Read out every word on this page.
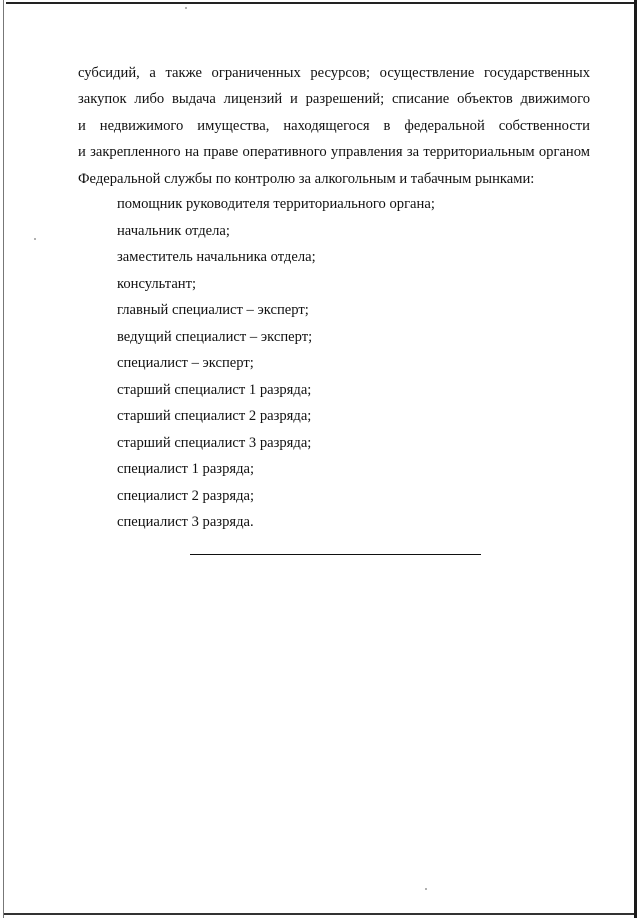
субсидий, а также ограниченных ресурсов; осуществление государственных
закупок либо выдача лицензий и разрешений; списание объектов движимого
и недвижимого имущества, находящегося в федеральной собственности
и закрепленного на праве оперативного управления за территориальным органом
Федеральной службы по контролю за алкогольным и табачным рынками:
помощник руководителя территориального органа;
начальник отдела;
заместитель начальника отдела;
консультант;
главный специалист – эксперт;
ведущий специалист – эксперт;
специалист – эксперт;
старший специалист 1 разряда;
старший специалист 2 разряда;
старший специалист 3 разряда;
специалист 1 разряда;
специалист 2 разряда;
специалист 3 разряда.
